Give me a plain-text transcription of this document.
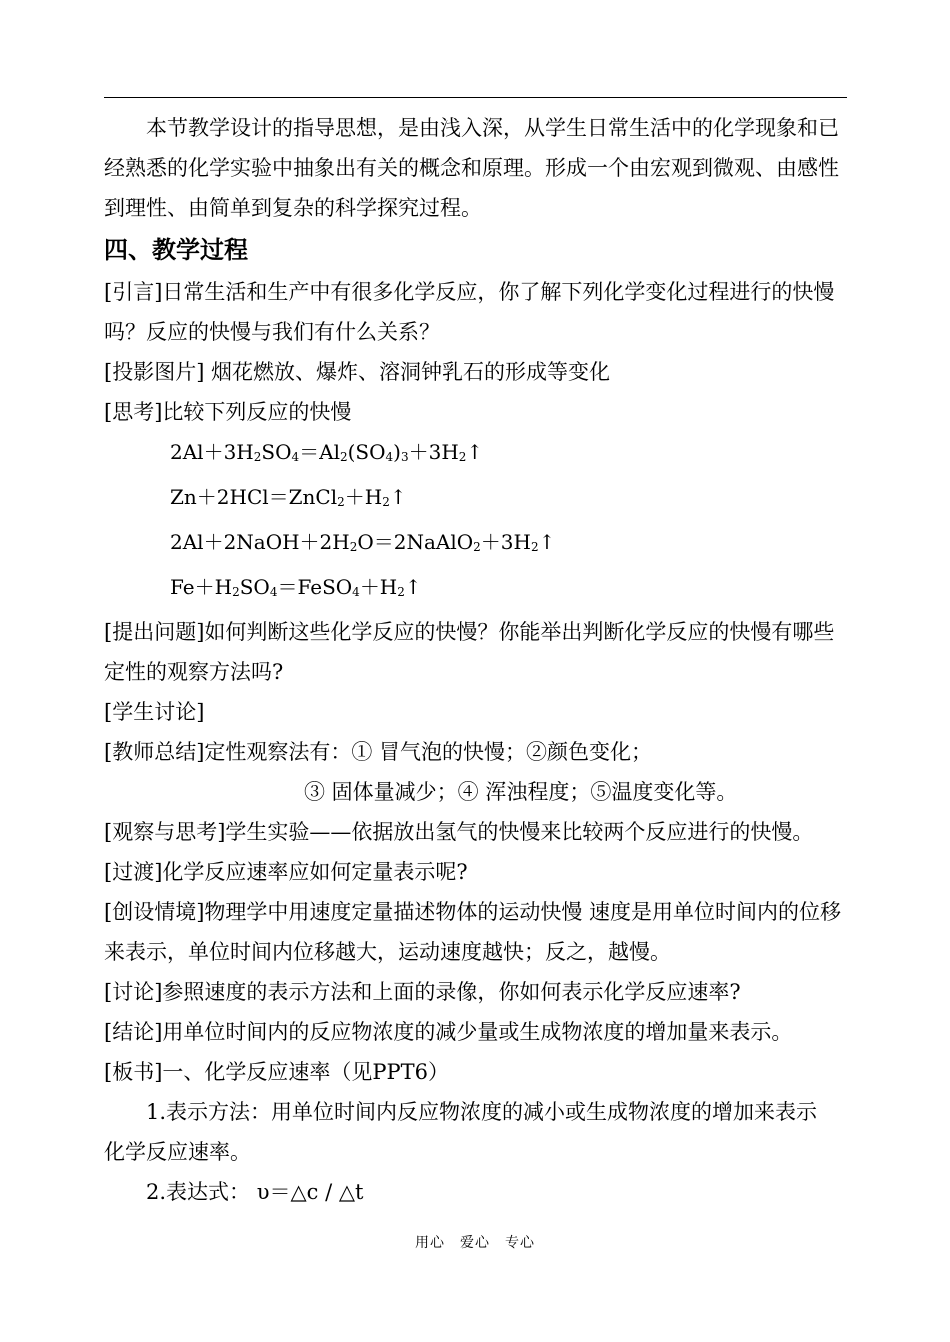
本节教学设计的指导思想，是由浅入深，从学生日常生活中的化学现象和已经熟悉的化学实验中抽象出有关的概念和原理。形成一个由宏观到微观、由感性到理性、由简单到复杂的科学探究过程。

四、教学过程

[引言]日常生活和生产中有很多化学反应，你了解下列化学变化过程进行的快慢吗？反应的快慢与我们有什么关系？

[投影图片] 烟花燃放、爆炸、溶洞钟乳石的形成等变化

[思考]比较下列反应的快慢

$2Al+3H_2SO_4=Al_2(SO_4)_3+3H_2↑$

$Zn+2HCl=ZnCl_2+H_2↑$

$2Al+2NaOH+2H_2O=2NaAlO_2+3H_2↑$

$Fe+H_2SO_4=FeSO_4+H_2↑$

[提出问题]如何判断这些化学反应的快慢？你能举出判断化学反应的快慢有哪些定性的观察方法吗?

[学生讨论]

[教师总结]定性观察法有：① 冒气泡的快慢；②颜色变化；

③ 固体量减少；④ 浑浊程度；⑤温度变化等。

[观察与思考]学生实验——依据放出氢气的快慢来比较两个反应进行的快慢。

[过渡]化学反应速率应如何定量表示呢?

[创设情境]物理学中用速度定量描述物体的运动快慢 速度是用单位时间内的位移来表示，单位时间内位移越大，运动速度越快；反之，越慢。

[讨论]参照速度的表示方法和上面的录像，你如何表示化学反应速率?

[结论]用单位时间内的反应物浓度的减少量或生成物浓度的增加量来表示。

[板书]一、化学反应速率（见PPT6）

1.表示方法：用单位时间内反应物浓度的减小或生成物浓度的增加来表示

化学反应速率。

2.表达式： υ＝△c / △t

用心　爱心　专心
